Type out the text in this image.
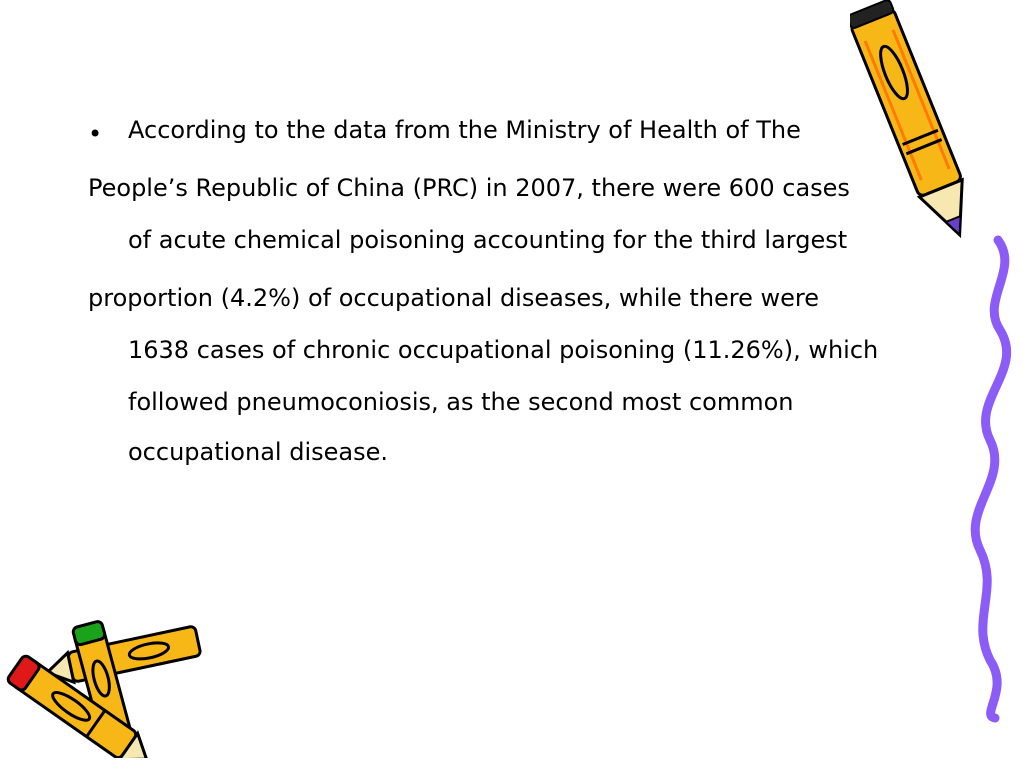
• According to the data from the Ministry of Health of The
People’s Republic of China (PRC) in 2007, there were 600 cases
of acute chemical poisoning accounting for the third largest
proportion (4.2%) of occupational diseases, while there were
1638 cases of chronic occupational poisoning (11.26%), which
followed pneumoconiosis, as the second most common
occupational disease.
